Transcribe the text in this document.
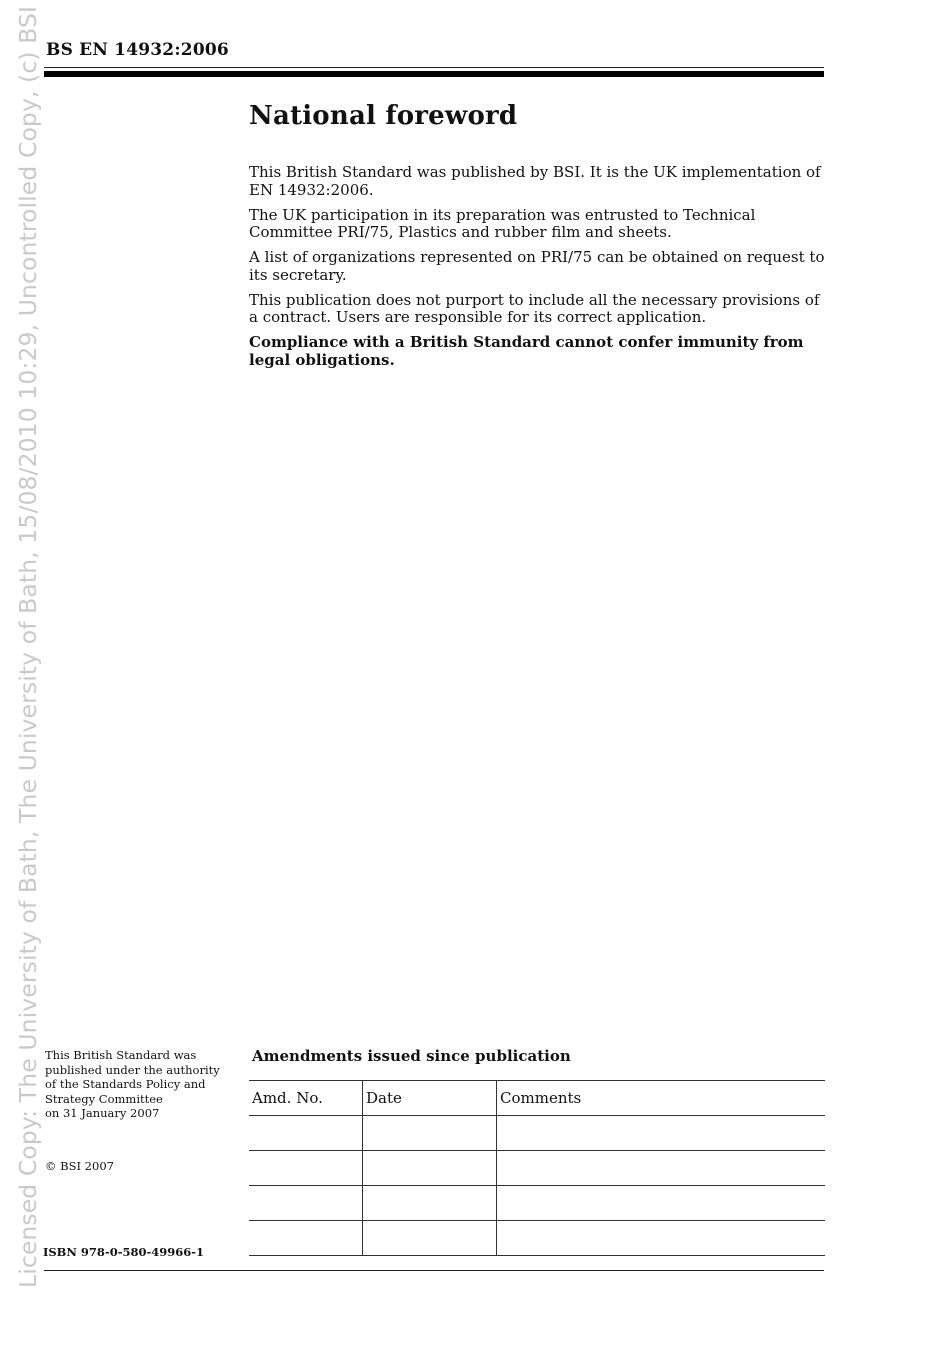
Licensed Copy: The University of Bath, The University of Bath, 15/08/2010 10:29, Uncontrolled Copy, (c) BSI BS EN 14932:2006
National foreword

This British Standard was published by BSI. It is the UK implementation of EN 14932:2006.

The UK participation in its preparation was entrusted to Technical Committee PRI/75, Plastics and rubber film and sheets.

A list of organizations represented on PRI/75 can be obtained on request to its secretary.

This publication does not purport to include all the necessary provisions of a contract. Users are responsible for its correct application.

Compliance with a British Standard cannot confer immunity from legal obligations.

This British Standard was

published under the authority

of the Standards Policy and

Strategy Committee

on 31 January 2007

© BSI 2007
ISBN 978-0-580-49966-1
Amendments issued since publication
Amd. No.	Date	Comments
